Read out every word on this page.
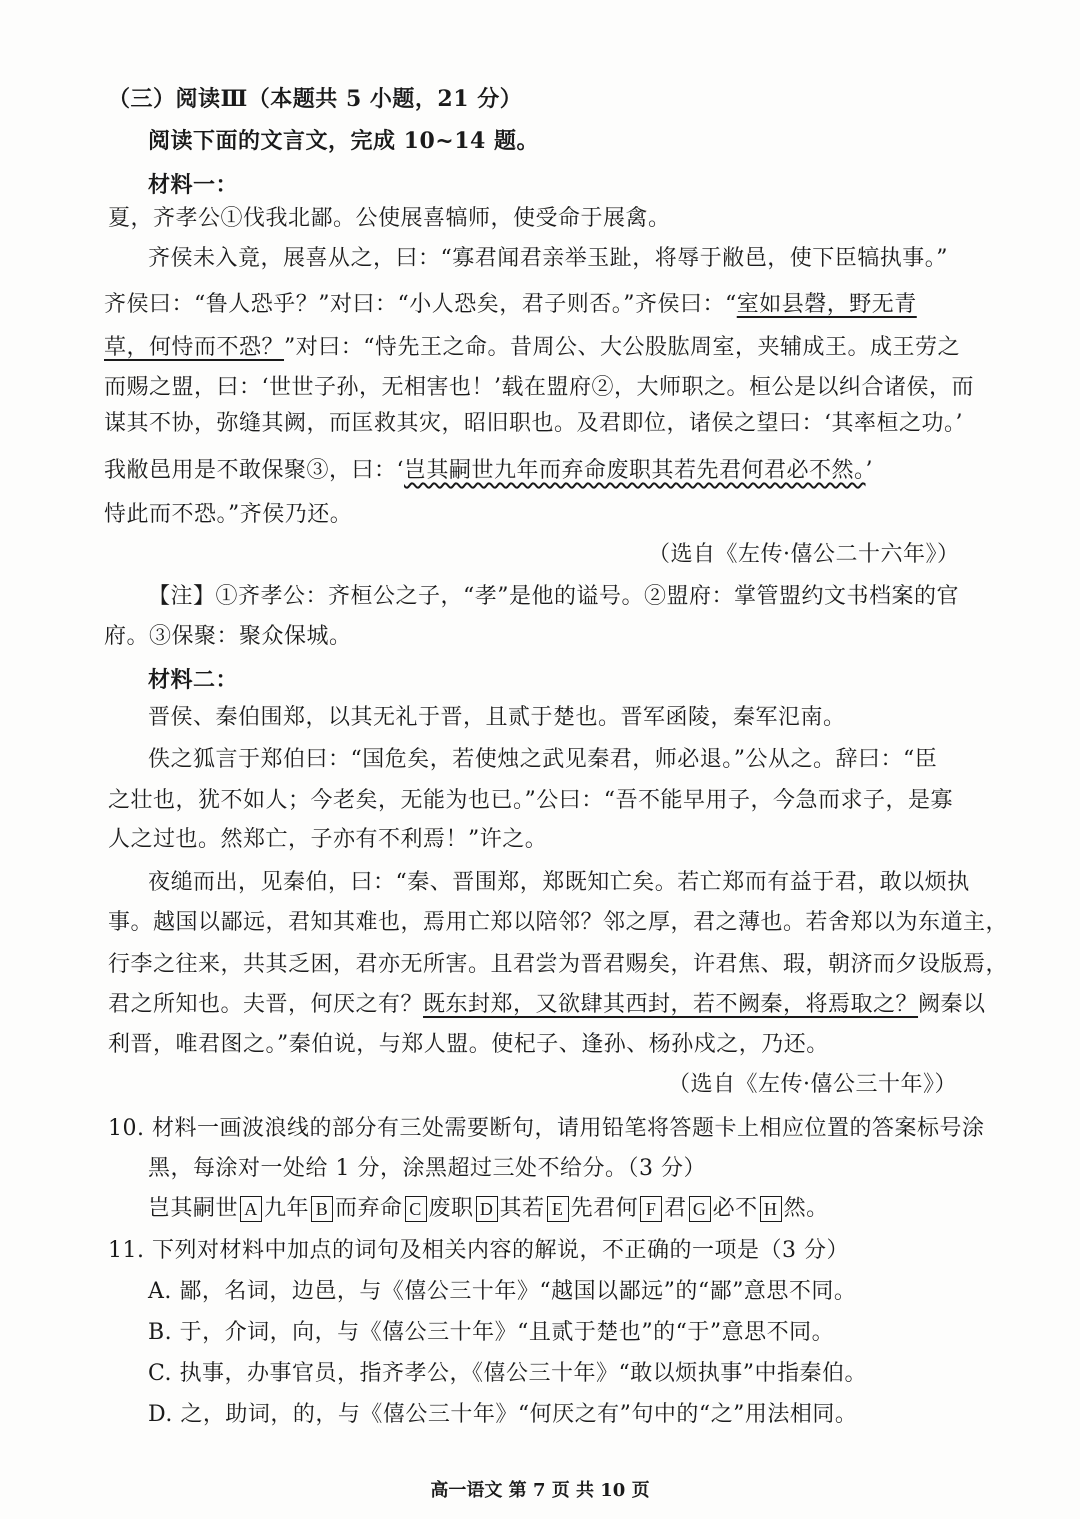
（三）阅读Ⅲ（本题共 5 小题，21 分）
阅读下面的文言文，完成 10~14 题。
材料一：
夏，齐孝公①伐我北鄙。公使展喜犒师，使受命于展禽。
齐侯未入竟，展喜从之，曰：“寡君闻君亲举玉趾，将辱于敝邑，使下臣犒执事。”
齐侯曰：“鲁人恐乎？”对曰：“小人恐矣，君子则否。”齐侯曰：“室如县磬，野无青
草，何恃而不恐？”对曰：“恃先王之命。昔周公、大公股肱周室，夹辅成王。成王劳之
而赐之盟，曰：‘世世子孙，无相害也！’载在盟府②，大师职之。桓公是以纠合诸侯，而
谋其不协，弥缝其阙，而匡救其灾，昭旧职也。及君即位，诸侯之望曰：‘其率桓之功。’
我敝邑用是不敢保聚③，曰：‘岂其嗣世九年而弃命废职其若先君何君必不然。’
恃此而不恐。”齐侯乃还。
（选自《左传·僖公二十六年》）
【注】①齐孝公：齐桓公之子，“孝”是他的谥号。②盟府：掌管盟约文书档案的官
府。③保聚：聚众保城。
材料二：
晋侯、秦伯围郑，以其无礼于晋，且贰于楚也。晋军函陵，秦军氾南。
佚之狐言于郑伯曰：“国危矣，若使烛之武见秦君，师必退。”公从之。辞曰：“臣
之壮也，犹不如人；今老矣，无能为也已。”公曰：“吾不能早用子，今急而求子，是寡
人之过也。然郑亡，子亦有不利焉！”许之。
夜缒而出，见秦伯，曰：“秦、晋围郑，郑既知亡矣。若亡郑而有益于君，敢以烦执
事。越国以鄙远，君知其难也，焉用亡郑以陪邻？邻之厚，君之薄也。若舍郑以为东道主，
行李之往来，共其乏困，君亦无所害。且君尝为晋君赐矣，许君焦、瑕，朝济而夕设版焉，
君之所知也。夫晋，何厌之有？既东封郑，又欲肆其西封，若不阙秦，将焉取之？阙秦以
利晋，唯君图之。”秦伯说，与郑人盟。使杞子、逢孙、杨孙戍之，乃还。
（选自《左传·僖公三十年》）
10. 材料一画波浪线的部分有三处需要断句，请用铅笔将答题卡上相应位置的答案标号涂
黑，每涂对一处给 1 分，涂黑超过三处不给分。（3 分）
岂其嗣世 A 九年 B 而弃命 C 废职 D 其若 E 先君何 F 君 G 必不 H 然。
11. 下列对材料中加点的词句及相关内容的解说，不正确的一项是（3 分）
A. 鄙，名词，边邑，与《僖公三十年》“越国以鄙远”的“鄙”意思不同。
B. 于，介词，向，与《僖公三十年》“且贰于楚也”的“于”意思不同。
C. 执事，办事官员，指齐孝公，《僖公三十年》“敢以烦执事”中指秦伯。
D. 之，助词，的，与《僖公三十年》“何厌之有”句中的“之”用法相同。
高一语文 第 7 页 共 10 页
